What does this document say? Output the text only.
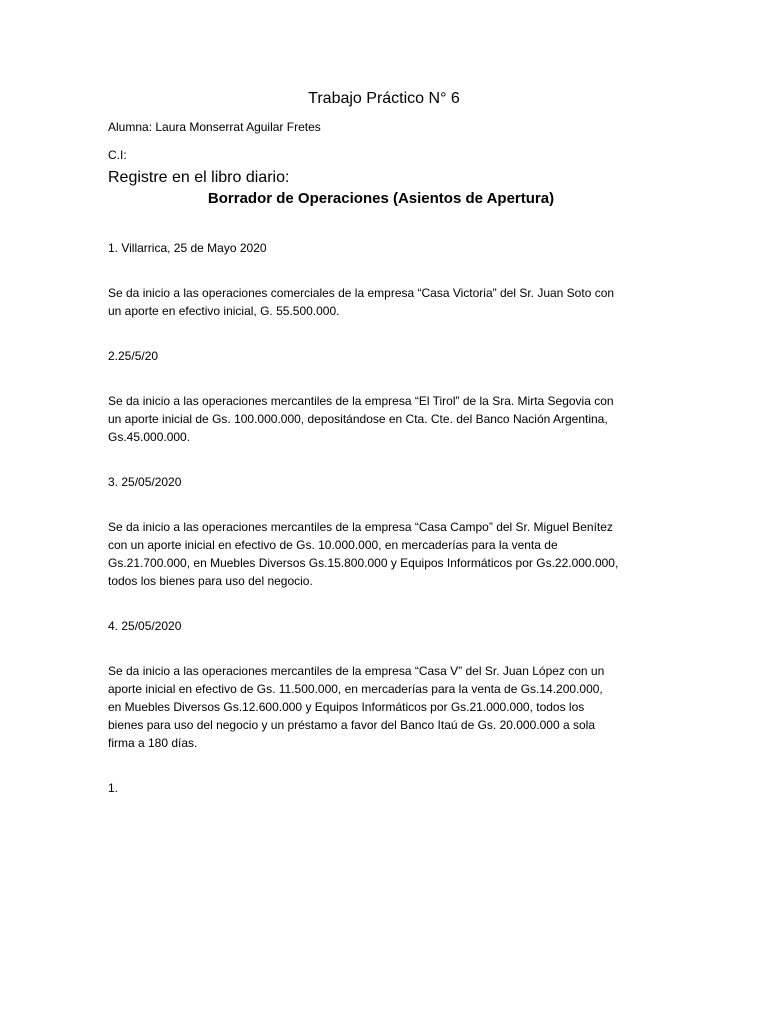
Trabajo Práctico N° 6

Alumna: Laura Monserrat Aguilar Fretes

C.I:

Registre en el libro diario:

Borrador de Operaciones (Asientos de Apertura)

1. Villarrica, 25 de Mayo 2020

Se da inicio a las operaciones comerciales de la empresa “Casa Victoria” del Sr. Juan Soto con
un aporte en efectivo inicial, G. 55.500.000.

2.25/5/20

Se da inicio a las operaciones mercantiles de la empresa “El Tirol” de la Sra. Mirta Segovia con
un aporte inicial de Gs. 100.000.000, depositándose en Cta. Cte. del Banco Nación Argentina,
Gs.45.000.000.

3. 25/05/2020

Se da inicio a las operaciones mercantiles de la empresa “Casa Campo” del Sr. Miguel Benítez
con un aporte inicial en efectivo de Gs. 10.000.000, en mercaderías para la venta de
Gs.21.700.000, en Muebles Diversos Gs.15.800.000 y Equipos Informáticos por Gs.22.000.000,
todos los bienes para uso del negocio.

4. 25/05/2020

Se da inicio a las operaciones mercantiles de la empresa “Casa V” del Sr. Juan López con un
aporte inicial en efectivo de Gs. 11.500.000, en mercaderías para la venta de Gs.14.200.000,
en Muebles Diversos Gs.12.600.000 y Equipos Informáticos por Gs.21.000.000, todos los
bienes para uso del negocio y un préstamo a favor del Banco Itaú de Gs. 20.000.000 a sola
firma a 180 días.

1.
